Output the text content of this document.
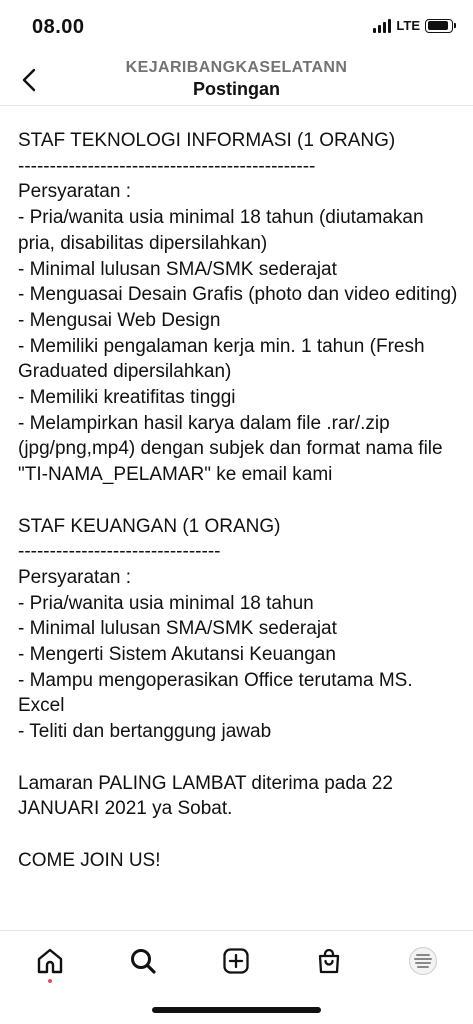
08.00	LTE
KEJARIBANGKASELATANN
Postingan

STAF TEKNOLOGI INFORMASI (1 ORANG)

-----------------------------------------------

Persyaratan :

- Pria/wanita usia minimal 18 tahun (diutamakan pria, disabilitas dipersilahkan)

- Minimal lulusan SMA/SMK sederajat

- Menguasai Desain Grafis (photo dan video editing)

- Mengusai Web Design

- Memiliki pengalaman kerja min. 1 tahun (Fresh Graduated dipersilahkan)

- Memiliki kreatifitas tinggi

- Melampirkan hasil karya dalam file .rar/.zip (jpg/png,mp4) dengan subjek dan format nama file "TI-NAMA_PELAMAR" ke email kami

STAF KEUANGAN (1 ORANG)

--------------------------------

Persyaratan :

- Pria/wanita usia minimal 18 tahun

- Minimal lulusan SMA/SMK sederajat

- Mengerti Sistem Akutansi Keuangan

- Mampu mengoperasikan Office terutama MS. Excel

- Teliti dan bertanggung jawab

Lamaran PALING LAMBAT diterima pada 22 JANUARI 2021 ya Sobat.

COME JOIN US!
